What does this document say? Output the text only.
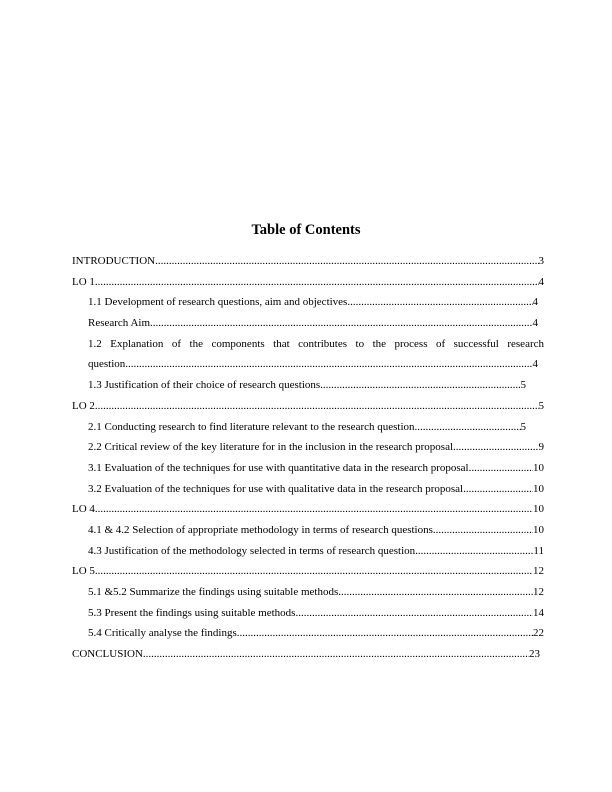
Table of Contents
INTRODUCTION .....	3
LO 1 .....	4
1.1 Development of research questions, aim and objectives .....	4
Research Aim .....	4
1.2 Explanation of the components that contributes to the process of successful research
question .....	4
1.3 Justification of their choice of research questions .....	5
LO 2 .....	5
2.1 Conducting research to find literature relevant to the research question .....	5
2.2 Critical review of the key literature for in the inclusion in the research proposal .....	9
3.1 Evaluation of the techniques for use with quantitative data in the research proposal .....	10
3.2 Evaluation of the techniques for use with qualitative data in the research proposal .....	10
LO 4 .....	10
4.1 & 4.2 Selection of appropriate methodology in terms of research questions .....	10
4.3 Justification of the methodology selected in terms of research question .....	11
LO 5 .....	12
5.1 &5.2 Summarize the findings using suitable methods .....	12
5.3 Present the findings using suitable methods .....	14
5.4 Critically analyse the findings .....	22
CONCLUSION .....	23
